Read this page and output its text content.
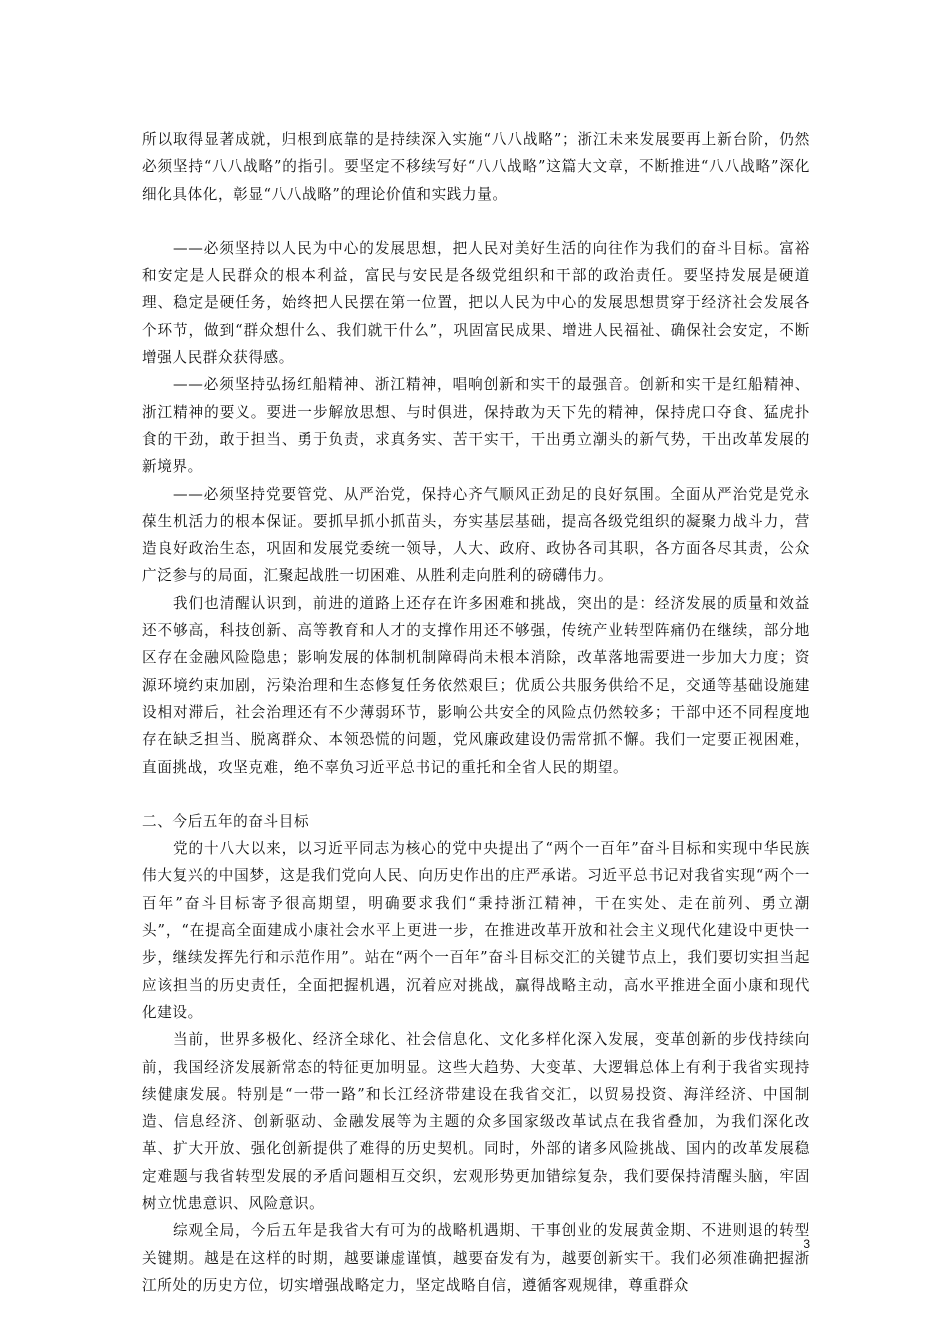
所以取得显著成就，归根到底靠的是持续深入实施“八八战略”；浙江未来发展要再上新台阶，仍然必须坚持“八八战略”的指引。要坚定不移续写好“八八战略”这篇大文章，不断推进“八八战略”深化细化具体化，彰显“八八战略”的理论价值和实践力量。

——必须坚持以人民为中心的发展思想，把人民对美好生活的向往作为我们的奋斗目标。富裕和安定是人民群众的根本利益，富民与安民是各级党组织和干部的政治责任。要坚持发展是硬道理、稳定是硬任务，始终把人民摆在第一位置，把以人民为中心的发展思想贯穿于经济社会发展各个环节，做到“群众想什么、我们就干什么”，巩固富民成果、增进人民福祉、确保社会安定，不断增强人民群众获得感。

——必须坚持弘扬红船精神、浙江精神，唱响创新和实干的最强音。创新和实干是红船精神、浙江精神的要义。要进一步解放思想、与时俱进，保持敢为天下先的精神，保持虎口夺食、猛虎扑食的干劲，敢于担当、勇于负责，求真务实、苦干实干，干出勇立潮头的新气势，干出改革发展的新境界。

——必须坚持党要管党、从严治党，保持心齐气顺风正劲足的良好氛围。全面从严治党是党永葆生机活力的根本保证。要抓早抓小抓苗头，夯实基层基础，提高各级党组织的凝聚力战斗力，营造良好政治生态，巩固和发展党委统一领导，人大、政府、政协各司其职，各方面各尽其责，公众广泛参与的局面，汇聚起战胜一切困难、从胜利走向胜利的磅礴伟力。

我们也清醒认识到，前进的道路上还存在许多困难和挑战，突出的是：经济发展的质量和效益还不够高，科技创新、高等教育和人才的支撑作用还不够强，传统产业转型阵痛仍在继续，部分地区存在金融风险隐患；影响发展的体制机制障碍尚未根本消除，改革落地需要进一步加大力度；资源环境约束加剧，污染治理和生态修复任务依然艰巨；优质公共服务供给不足，交通等基础设施建设相对滞后，社会治理还有不少薄弱环节，影响公共安全的风险点仍然较多；干部中还不同程度地存在缺乏担当、脱离群众、本领恐慌的问题，党风廉政建设仍需常抓不懈。我们一定要正视困难，直面挑战，攻坚克难，绝不辜负习近平总书记的重托和全省人民的期望。

二、今后五年的奋斗目标

党的十八大以来，以习近平同志为核心的党中央提出了“两个一百年”奋斗目标和实现中华民族伟大复兴的中国梦，这是我们党向人民、向历史作出的庄严承诺。习近平总书记对我省实现“两个一百年”奋斗目标寄予很高期望，明确要求我们“秉持浙江精神，干在实处、走在前列、勇立潮头”，“在提高全面建成小康社会水平上更进一步，在推进改革开放和社会主义现代化建设中更快一步，继续发挥先行和示范作用”。站在“两个一百年”奋斗目标交汇的关键节点上，我们要切实担当起应该担当的历史责任，全面把握机遇，沉着应对挑战，赢得战略主动，高水平推进全面小康和现代化建设。

当前，世界多极化、经济全球化、社会信息化、文化多样化深入发展，变革创新的步伐持续向前，我国经济发展新常态的特征更加明显。这些大趋势、大变革、大逻辑总体上有利于我省实现持续健康发展。特别是“一带一路”和长江经济带建设在我省交汇，以贸易投资、海洋经济、中国制造、信息经济、创新驱动、金融发展等为主题的众多国家级改革试点在我省叠加，为我们深化改革、扩大开放、强化创新提供了难得的历史契机。同时，外部的诸多风险挑战、国内的改革发展稳定难题与我省转型发展的矛盾问题相互交织，宏观形势更加错综复杂，我们要保持清醒头脑，牢固树立忧患意识、风险意识。

综观全局，今后五年是我省大有可为的战略机遇期、干事创业的发展黄金期、不进则退的转型关键期。越是在这样的时期，越要谦虚谨慎，越要奋发有为，越要创新实干。我们必须准确把握浙江所处的历史方位，切实增强战略定力，坚定战略自信，遵循客观规律，尊重群众

3
